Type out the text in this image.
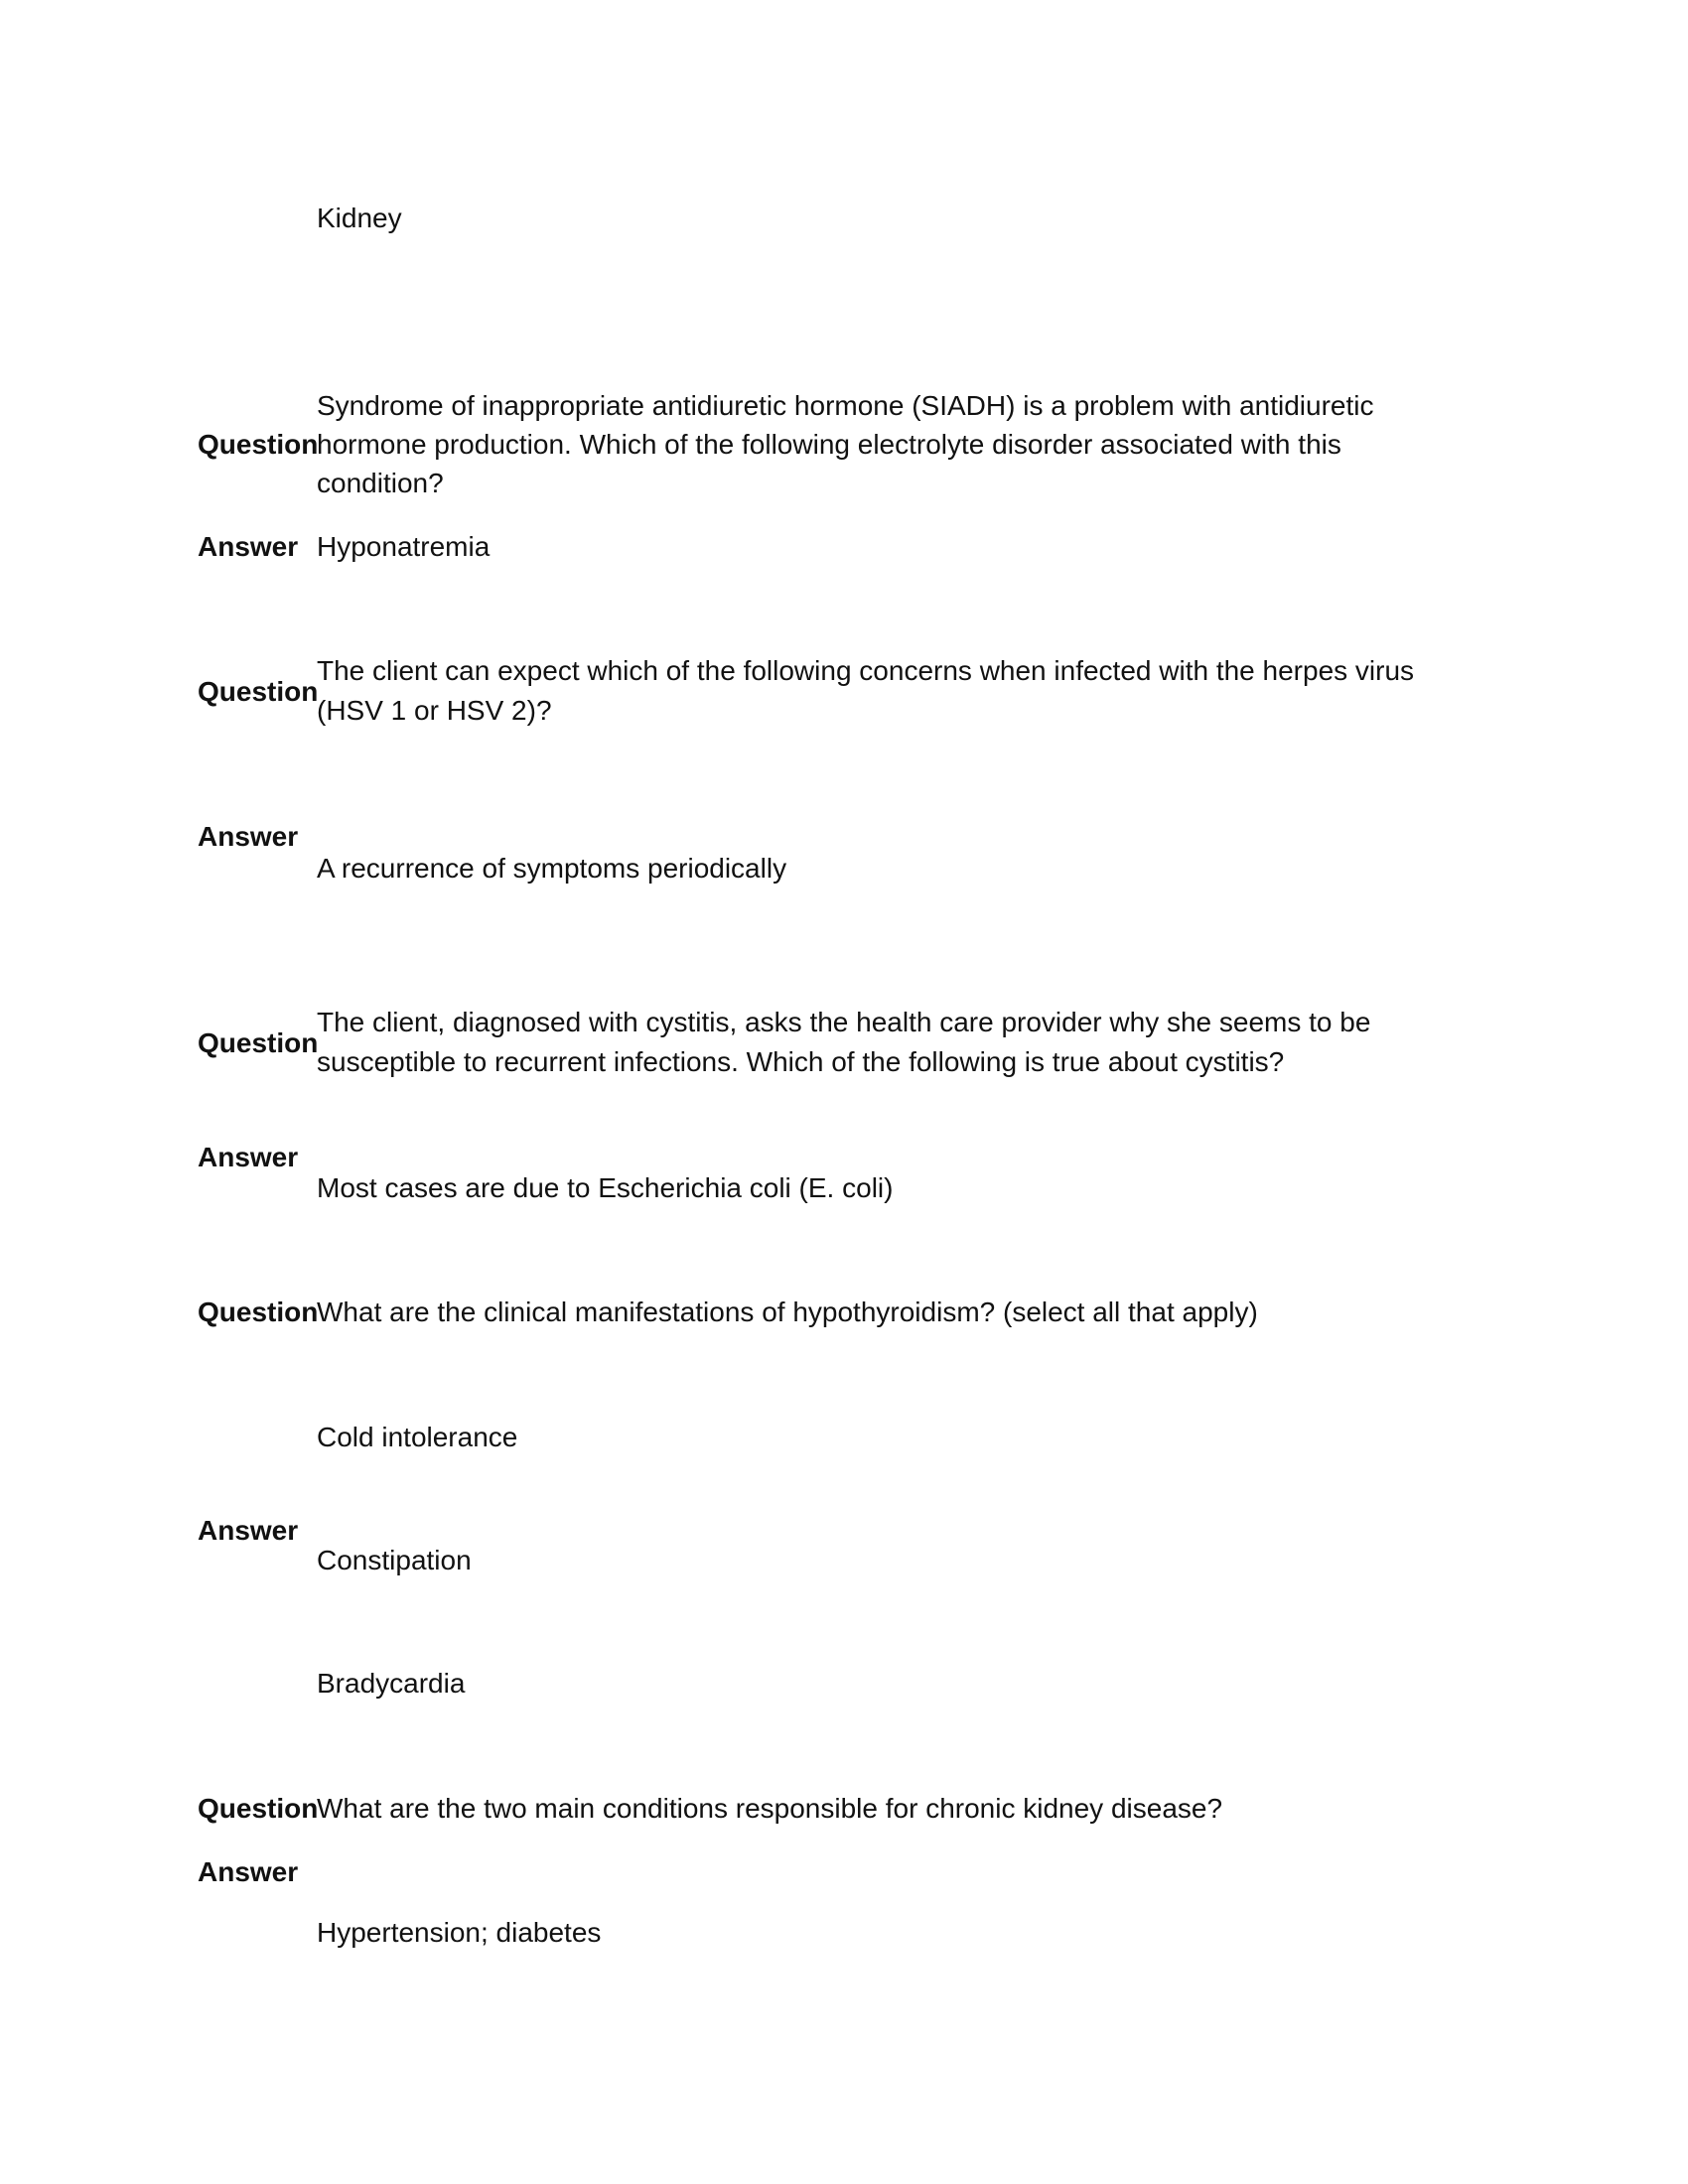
Kidney
Question
Syndrome of inappropriate antidiuretic hormone (SIADH) is a problem with antidiuretic
hormone production. Which of the following electrolyte disorder associated with this
condition?
Answer Hyponatremia
Question
The client can expect which of the following concerns when infected with the herpes virus
(HSV 1 or HSV 2)?
Answer
A recurrence of symptoms periodically
Question
The client, diagnosed with cystitis, asks the health care provider why she seems to be
susceptible to recurrent infections. Which of the following is true about cystitis?
Answer
Most cases are due to Escherichia coli (E. coli)
Question
What are the clinical manifestations of hypothyroidism? (select all that apply)
Cold intolerance
Answer
Constipation
Bradycardia
Question
What are the two main conditions responsible for chronic kidney disease?
Answer
Hypertension; diabetes
